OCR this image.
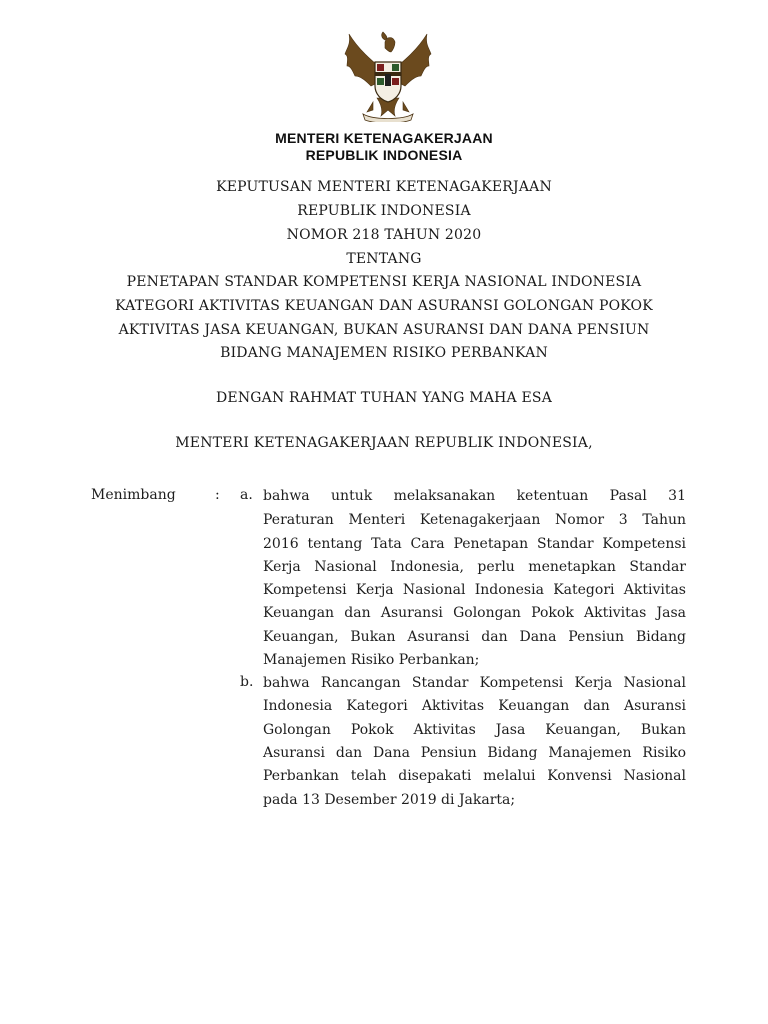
MENTERI KETENAGAKERJAAN
REPUBLIK INDONESIA
KEPUTUSAN MENTERI KETENAGAKERJAAN
REPUBLIK INDONESIA
NOMOR 218 TAHUN 2020
TENTANG
PENETAPAN STANDAR KOMPETENSI KERJA NASIONAL INDONESIA
KATEGORI AKTIVITAS KEUANGAN DAN ASURANSI GOLONGAN POKOK
AKTIVITAS JASA KEUANGAN, BUKAN ASURANSI DAN DANA PENSIUN
BIDANG MANAJEMEN RISIKO PERBANKAN
DENGAN RAHMAT TUHAN YANG MAHA ESA
MENTERI KETENAGAKERJAAN REPUBLIK INDONESIA,
Menimbang	: a. bahwa untuk melaksanakan ketentuan Pasal 31
Peraturan Menteri Ketenagakerjaan Nomor 3 Tahun
2016 tentang Tata Cara Penetapan Standar Kompetensi
Kerja Nasional Indonesia, perlu menetapkan Standar
Kompetensi Kerja Nasional Indonesia Kategori Aktivitas
Keuangan dan Asuransi Golongan Pokok Aktivitas Jasa
Keuangan, Bukan Asuransi dan Dana Pensiun Bidang
Manajemen Risiko Perbankan;
b. bahwa Rancangan Standar Kompetensi Kerja Nasional
Indonesia Kategori Aktivitas Keuangan dan Asuransi
Golongan Pokok Aktivitas Jasa Keuangan, Bukan
Asuransi dan Dana Pensiun Bidang Manajemen Risiko
Perbankan telah disepakati melalui Konvensi Nasional
pada 13 Desember 2019 di Jakarta;
